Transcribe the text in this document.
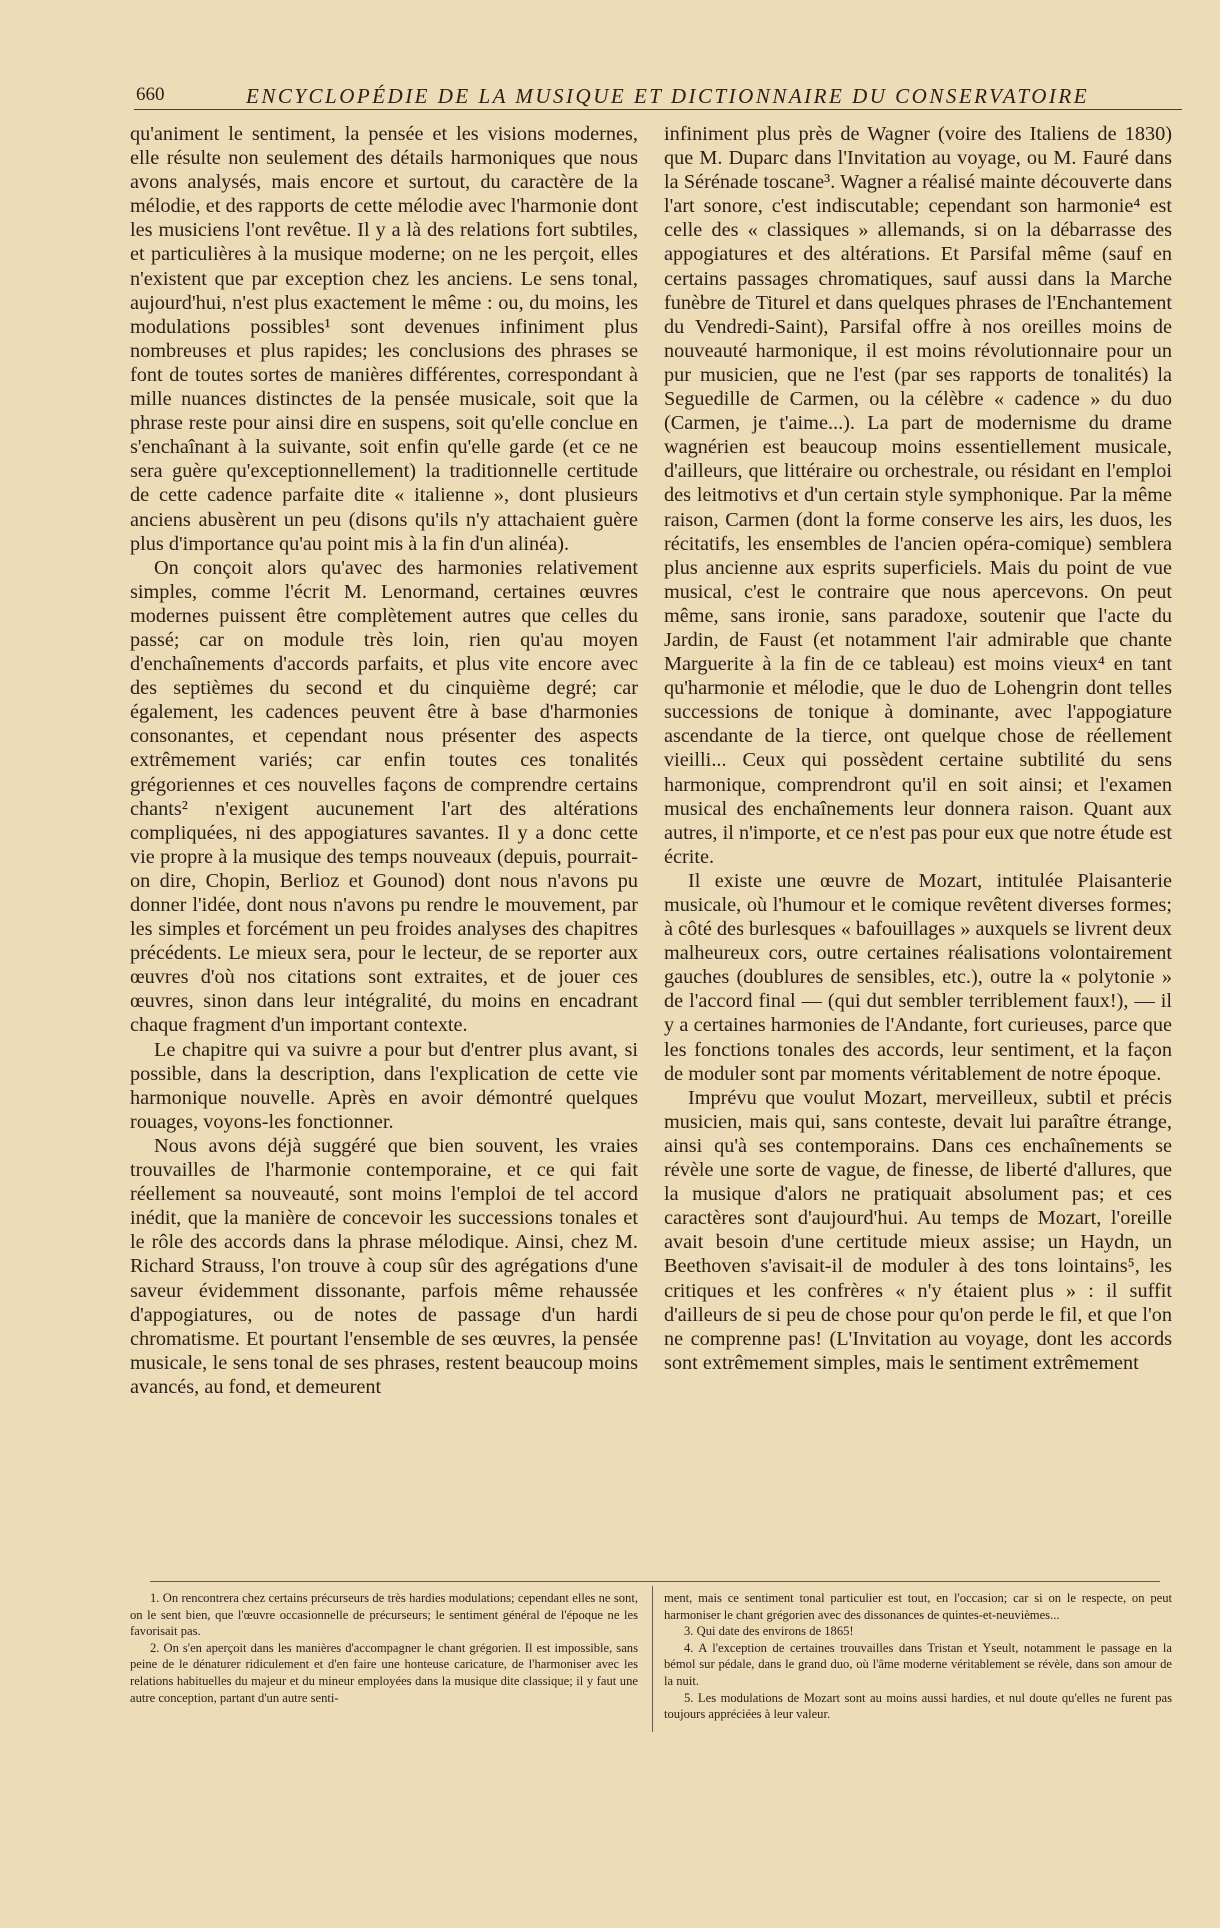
660	ENCYCLOPÉDIE DE LA MUSIQUE ET DICTIONNAIRE DU CONSERVATOIRE

qu'animent le sentiment, la pensée et les visions modernes, elle résulte non seulement des détails harmoniques que nous avons analysés, mais encore et surtout, du caractère de la mélodie, et des rapports de cette mélodie avec l'harmonie dont les musiciens l'ont revêtue. Il y a là des relations fort subtiles, et particulières à la musique moderne; on ne les perçoit, elles n'existent que par exception chez les anciens. Le sens tonal, aujourd'hui, n'est plus exactement le même : ou, du moins, les modulations possibles¹ sont devenues infiniment plus nombreuses et plus rapides; les conclusions des phrases se font de toutes sortes de manières différentes, correspondant à mille nuances distinctes de la pensée musicale, soit que la phrase reste pour ainsi dire en suspens, soit qu'elle conclue en s'enchaînant à la suivante, soit enfin qu'elle garde (et ce ne sera guère qu'exceptionnellement) la traditionnelle certitude de cette cadence parfaite dite « italienne », dont plusieurs anciens abusèrent un peu (disons qu'ils n'y attachaient guère plus d'importance qu'au point mis à la fin d'un alinéa).

On conçoit alors qu'avec des harmonies relativement simples, comme l'écrit M. Lenormand, certaines œuvres modernes puissent être complètement autres que celles du passé; car on module très loin, rien qu'au moyen d'enchaînements d'accords parfaits, et plus vite encore avec des septièmes du second et du cinquième degré; car également, les cadences peuvent être à base d'harmonies consonantes, et cependant nous présenter des aspects extrêmement variés; car enfin toutes ces tonalités grégoriennes et ces nouvelles façons de comprendre certains chants² n'exigent aucunement l'art des altérations compliquées, ni des appogiatures savantes. Il y a donc cette vie propre à la musique des temps nouveaux (depuis, pourrait-on dire, Chopin, Berlioz et Gounod) dont nous n'avons pu donner l'idée, dont nous n'avons pu rendre le mouvement, par les simples et forcément un peu froides analyses des chapitres précédents. Le mieux sera, pour le lecteur, de se reporter aux œuvres d'où nos citations sont extraites, et de jouer ces œuvres, sinon dans leur intégralité, du moins en encadrant chaque fragment d'un important contexte.

Le chapitre qui va suivre a pour but d'entrer plus avant, si possible, dans la description, dans l'explication de cette vie harmonique nouvelle. Après en avoir démontré quelques rouages, voyons-les fonctionner.

Nous avons déjà suggéré que bien souvent, les vraies trouvailles de l'harmonie contemporaine, et ce qui fait réellement sa nouveauté, sont moins l'emploi de tel accord inédit, que la manière de concevoir les successions tonales et le rôle des accords dans la phrase mélodique. Ainsi, chez M. Richard Strauss, l'on trouve à coup sûr des agrégations d'une saveur évidemment dissonante, parfois même rehaussée d'appogiatures, ou de notes de passage d'un hardi chromatisme. Et pourtant l'ensemble de ses œuvres, la pensée musicale, le sens tonal de ses phrases, restent beaucoup moins avancés, au fond, et demeurent

infiniment plus près de Wagner (voire des Italiens de 1830) que M. Duparc dans l'Invitation au voyage, ou M. Fauré dans la Sérénade toscane³. Wagner a réalisé mainte découverte dans l'art sonore, c'est indiscutable; cependant son harmonie⁴ est celle des « classiques » allemands, si on la débarrasse des appogiatures et des altérations. Et Parsifal même (sauf en certains passages chromatiques, sauf aussi dans la Marche funèbre de Titurel et dans quelques phrases de l'Enchantement du Vendredi-Saint), Parsifal offre à nos oreilles moins de nouveauté harmonique, il est moins révolutionnaire pour un pur musicien, que ne l'est (par ses rapports de tonalités) la Seguedille de Carmen, ou la célèbre « cadence » du duo (Carmen, je t'aime...). La part de modernisme du drame wagnérien est beaucoup moins essentiellement musicale, d'ailleurs, que littéraire ou orchestrale, ou résidant en l'emploi des leitmotivs et d'un certain style symphonique. Par la même raison, Carmen (dont la forme conserve les airs, les duos, les récitatifs, les ensembles de l'ancien opéra-comique) semblera plus ancienne aux esprits superficiels. Mais du point de vue musical, c'est le contraire que nous apercevons. On peut même, sans ironie, sans paradoxe, soutenir que l'acte du Jardin, de Faust (et notamment l'air admirable que chante Marguerite à la fin de ce tableau) est moins vieux⁴ en tant qu'harmonie et mélodie, que le duo de Lohengrin dont telles successions de tonique à dominante, avec l'appogiature ascendante de la tierce, ont quelque chose de réellement vieilli... Ceux qui possèdent certaine subtilité du sens harmonique, comprendront qu'il en soit ainsi; et l'examen musical des enchaînements leur donnera raison. Quant aux autres, il n'importe, et ce n'est pas pour eux que notre étude est écrite.

Il existe une œuvre de Mozart, intitulée Plaisanterie musicale, où l'humour et le comique revêtent diverses formes; à côté des burlesques « bafouillages » auxquels se livrent deux malheureux cors, outre certaines réalisations volontairement gauches (doublures de sensibles, etc.), outre la « polytonie » de l'accord final — (qui dut sembler terriblement faux!), — il y a certaines harmonies de l'Andante, fort curieuses, parce que les fonctions tonales des accords, leur sentiment, et la façon de moduler sont par moments véritablement de notre époque.

Imprévu que voulut Mozart, merveilleux, subtil et précis musicien, mais qui, sans conteste, devait lui paraître étrange, ainsi qu'à ses contemporains. Dans ces enchaînements se révèle une sorte de vague, de finesse, de liberté d'allures, que la musique d'alors ne pratiquait absolument pas; et ces caractères sont d'aujourd'hui. Au temps de Mozart, l'oreille avait besoin d'une certitude mieux assise; un Haydn, un Beethoven s'avisait-il de moduler à des tons lointains⁵, les critiques et les confrères « n'y étaient plus » : il suffit d'ailleurs de si peu de chose pour qu'on perde le fil, et que l'on ne comprenne pas! (L'Invitation au voyage, dont les accords sont extrêmement simples, mais le sentiment extrêmement

1. On rencontrera chez certains précurseurs de très hardies modulations; cependant elles ne sont, on le sent bien, que l'œuvre occasionnelle de précurseurs; le sentiment général de l'époque ne les favorisait pas.

2. On s'en aperçoit dans les manières d'accompagner le chant grégorien. Il est impossible, sans peine de le dénaturer ridiculement et d'en faire une honteuse caricature, de l'harmoniser avec les relations habituelles du majeur et du mineur employées dans la musique dite classique; il y faut une autre conception, partant d'un autre senti-

ment, mais ce sentiment tonal particulier est tout, en l'occasion; car si on le respecte, on peut harmoniser le chant grégorien avec des dissonances de quintes-et-neuvièmes...

3. Qui date des environs de 1865!

4. A l'exception de certaines trouvailles dans Tristan et Yseult, notamment le passage en la bémol sur pédale, dans le grand duo, où l'âme moderne véritablement se révèle, dans son amour de la nuit.

5. Les modulations de Mozart sont au moins aussi hardies, et nul doute qu'elles ne furent pas toujours appréciées à leur valeur.
